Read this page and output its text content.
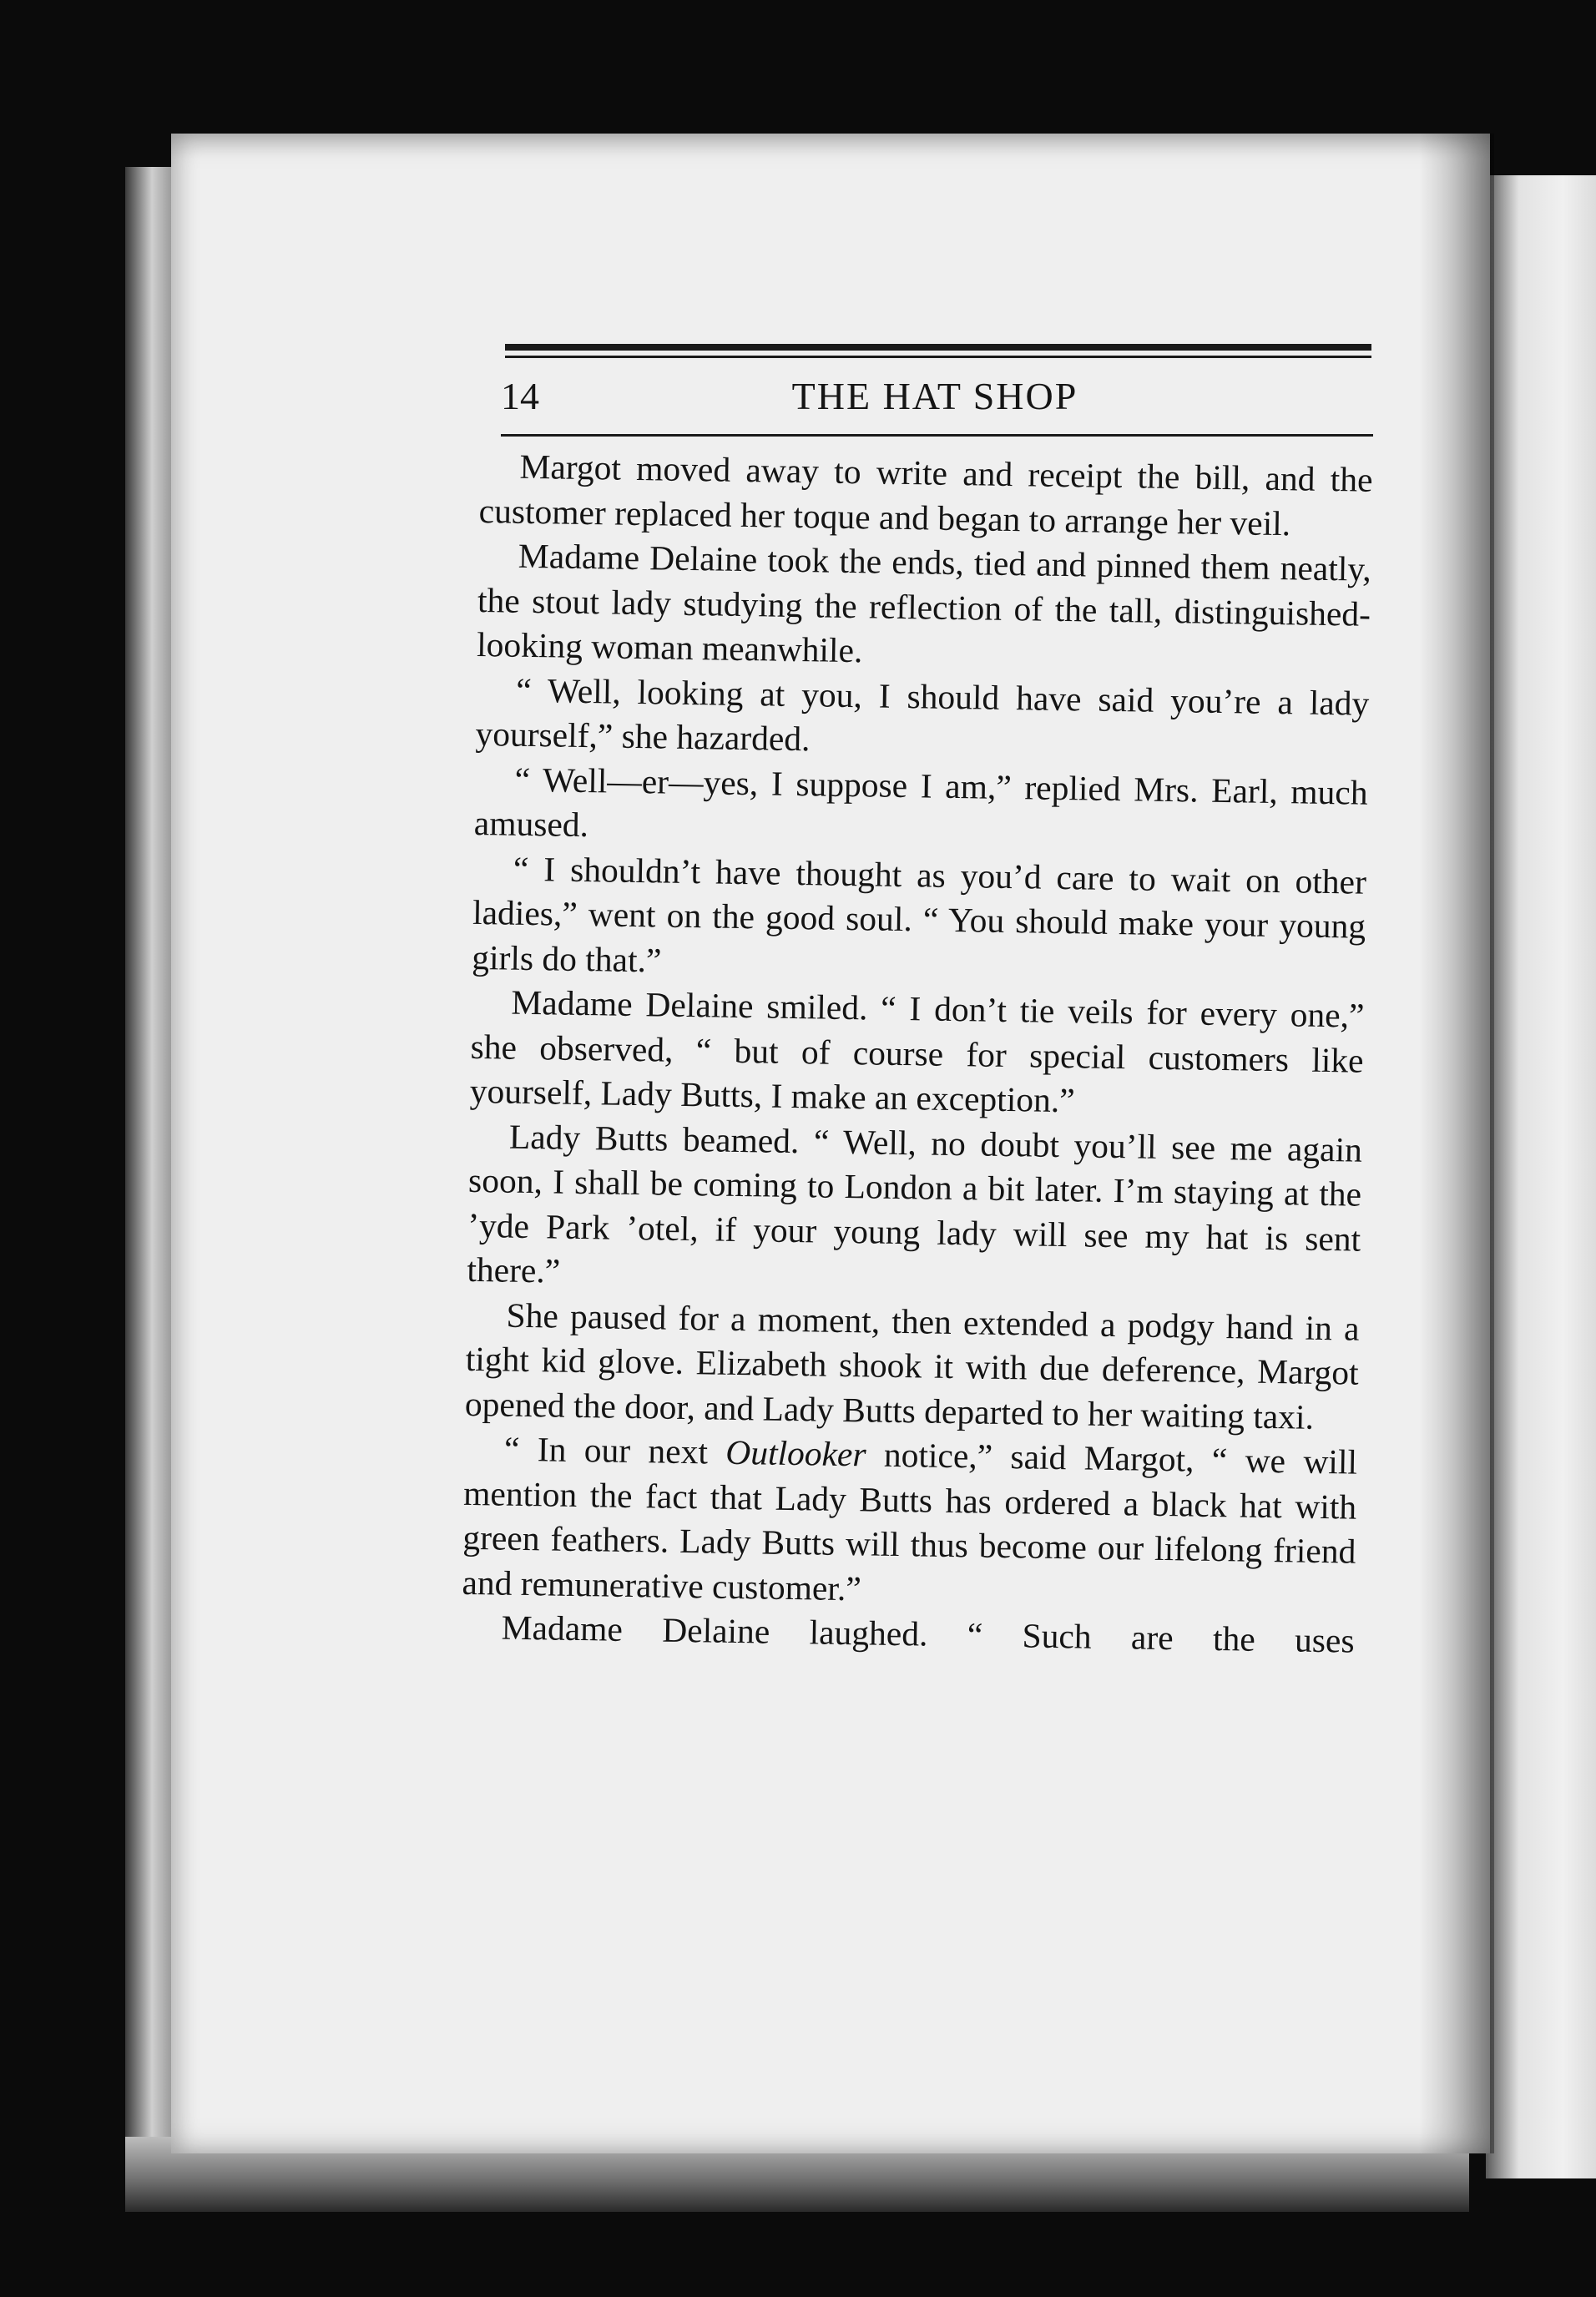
14	THE HAT SHOP

Margot moved away to write and receipt the bill, and the customer replaced her toque and began to arrange her veil.

Madame Delaine took the ends, tied and pinned them neatly, the stout lady studying the reflection of the tall, distinguished-looking woman meanwhile.

“ Well, looking at you, I should have said you’re a lady yourself,” she hazarded.

“ Well—er—yes, I suppose I am,” replied Mrs. Earl, much amused.

“ I shouldn’t have thought as you’d care to wait on other ladies,” went on the good soul. “ You should make your young girls do that.”

Madame Delaine smiled. “ I don’t tie veils for every one,” she observed, “ but of course for special customers like yourself, Lady Butts, I make an exception.”

Lady Butts beamed. “ Well, no doubt you’ll see me again soon, I shall be coming to London a bit later. I’m staying at the ’yde Park ’otel, if your young lady will see my hat is sent there.”

She paused for a moment, then extended a podgy hand in a tight kid glove. Elizabeth shook it with due deference, Margot opened the door, and Lady Butts departed to her waiting taxi.

“ In our next Outlooker notice,” said Margot, “ we will mention the fact that Lady Butts has ordered a black hat with green feathers. Lady Butts will thus become our lifelong friend and remunerative customer.”

Madame Delaine laughed. “ Such are the uses
